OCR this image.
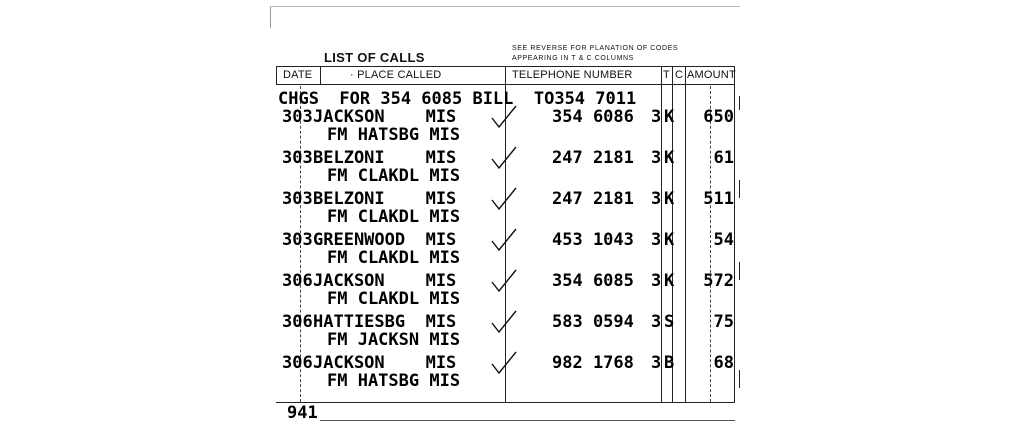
LIST OF CALLS
SEE REVERSE FOR PLANATION OF CODES
APPEARING IN T & C COLUMNS
DATE	· PLACE CALLED	TELEPHONE NUMBER	T C AMOUNT
CHGS  FOR 354 6085 BILL  TO354 7011
303 JACKSON    MIS
FM HATSBG MIS
354 6086 3 K	650
303 BELZONI    MIS
FM CLAKDL MIS
247 2181 3 K	61
303 BELZONI    MIS
FM CLAKDL MIS
247 2181 3 K	511
303 GREENWOOD  MIS
FM CLAKDL MIS
453 1043 3 K	54
306 JACKSON    MIS
FM CLAKDL MIS
354 6085 3 K	572
306 HATTIESBG  MIS
FM JACKSN MIS
583 0594 3 S	75
306 JACKSON    MIS
FM HATSBG MIS
982 1768 3 B	68
941
